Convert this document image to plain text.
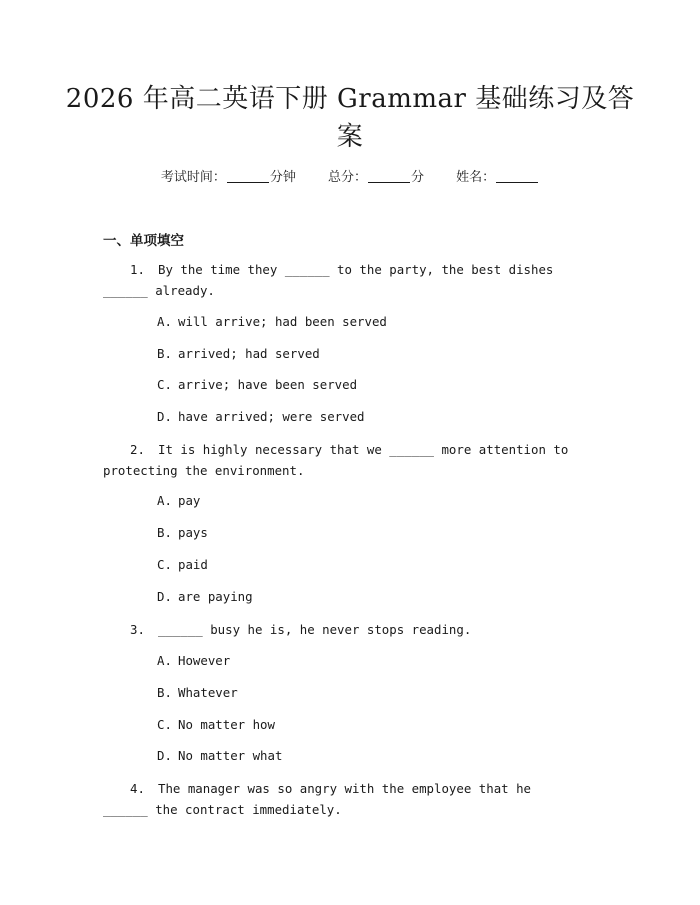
2026 年高二英语下册 Grammar 基础练习及答
案
考试时间：	分钟 总分：	分 姓名：
一、单项填空
1. By the time they ______ to the party, the best dishes ______ already.
A. will arrive; had been served
B. arrived; had served
C. arrive; have been served
D. have arrived; were served
2. It is highly necessary that we ______ more attention to protecting the environment.
A. pay
B. pays
C. paid
D. are paying
3. ______ busy he is, he never stops reading.
A. However
B. Whatever
C. No matter how
D. No matter what
4. The manager was so angry with the employee that he ______ the contract immediately.
